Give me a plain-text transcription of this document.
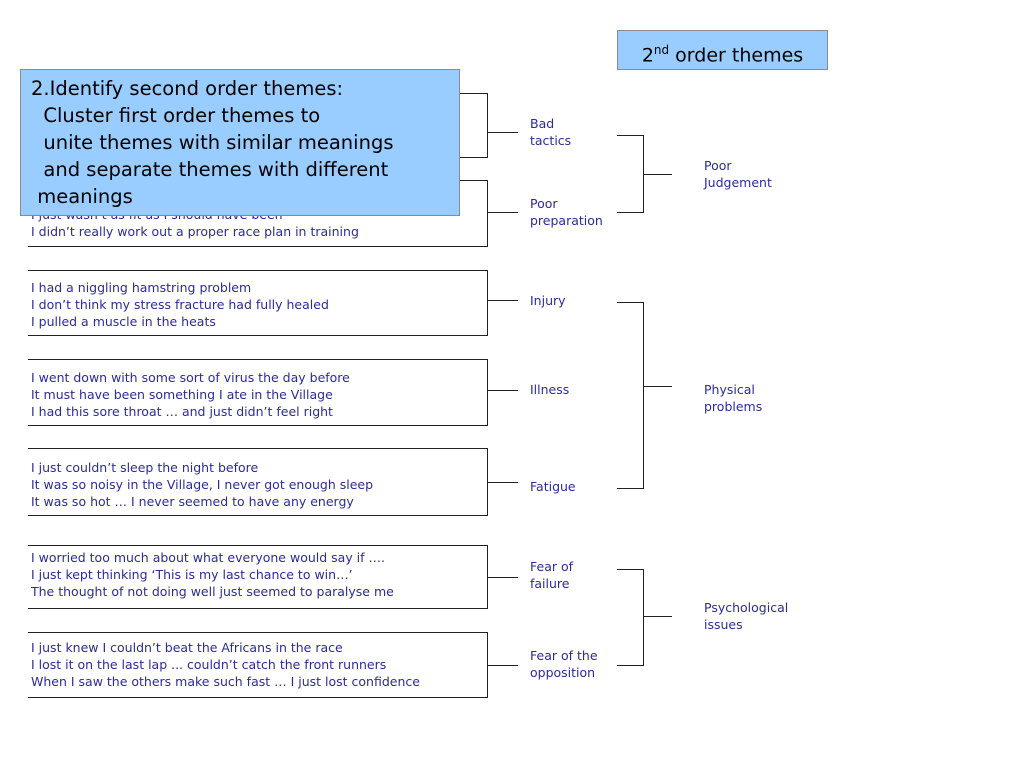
2nd order themes
I didn’t really work out a proper race plan in training
I had a niggling hamstring problem
I don’t think my stress fracture had fully healed
I pulled a muscle in the heats
I went down with some sort of virus the day before
It must have been something I ate in the Village
I had this sore throat … and just didn’t feel right
I just couldn’t sleep the night before
It was so noisy in the Village, I never got enough sleep
It was so hot … I never seemed to have any energy
I worried too much about what everyone would say if ….
I just kept thinking ‘This is my last chance to win…’
The thought of not doing well just seemed to paralyse me
I just knew I couldn’t beat the Africans in the race
I lost it on the last lap ... couldn’t catch the front runners
When I saw the others make such fast … I just lost confidence
Bad
tactics
Poor
preparation
Injury
Illness
Fatigue
Fear of
failure
Fear of the
opposition
Poor
Judgement
Physical
problems
Psychological
issues
2.Identify second order themes:
Cluster first order themes to
unite themes with similar meanings
and separate themes with different
meanings
